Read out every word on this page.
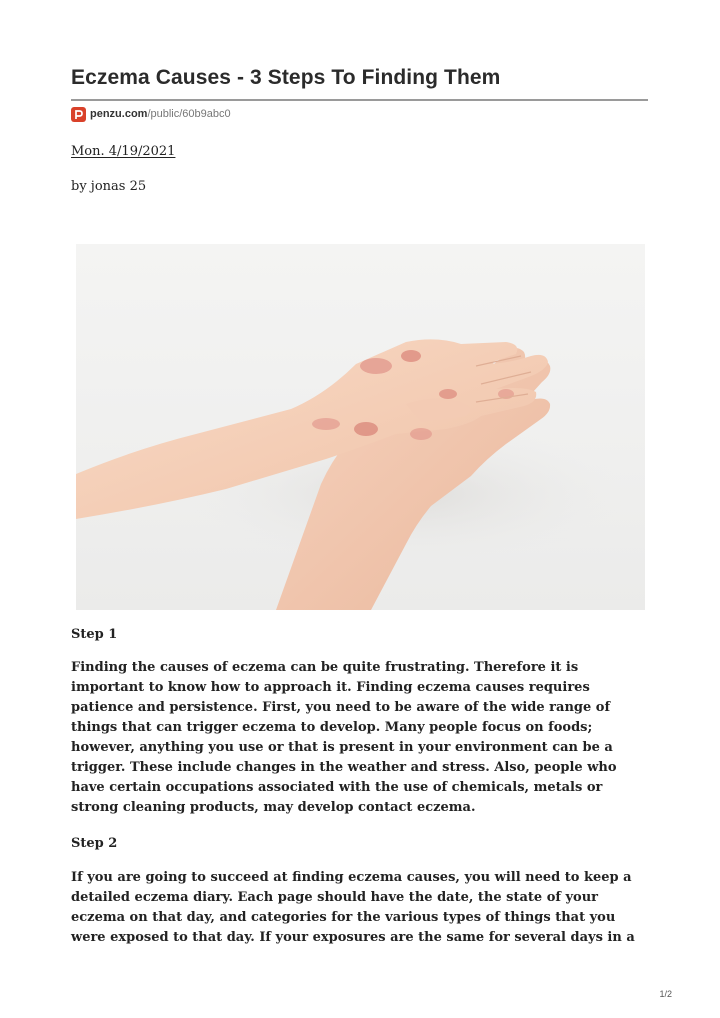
Eczema Causes - 3 Steps To Finding Them
penzu.com /public/60b9abc0
Mon. 4/19/2021
by jonas 25
Step 1
Finding the causes of eczema can be quite frustrating. Therefore it is
important to know how to approach it. Finding eczema causes requires
patience and persistence. First, you need to be aware of the wide range of
things that can trigger eczema to develop. Many people focus on foods;
however, anything you use or that is present in your environment can be a
trigger. These include changes in the weather and stress. Also, people who
have certain occupations associated with the use of chemicals, metals or
strong cleaning products, may develop contact eczema.
Step 2
If you are going to succeed at finding eczema causes, you will need to keep a
detailed eczema diary. Each page should have the date, the state of your
eczema on that day, and categories for the various types of things that you
were exposed to that day. If your exposures are the same for several days in a
1/2
